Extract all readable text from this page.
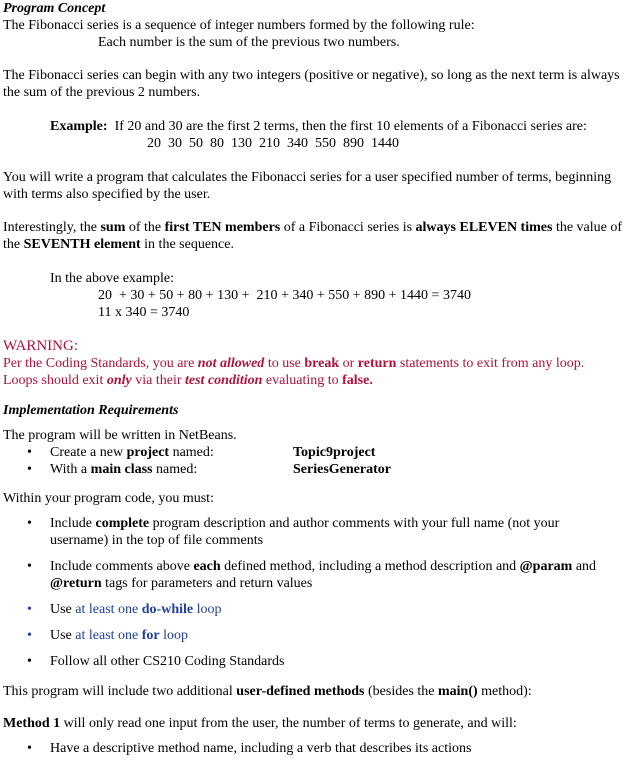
Program Concept
The Fibonacci series is a sequence of integer numbers formed by the following rule:
Each number is the sum of the previous two numbers.
The Fibonacci series can begin with any two integers (positive or negative), so long as the next term is always the sum of the previous 2 numbers.
Example: If 20 and 30 are the first 2 terms, then the first 10 elements of a Fibonacci series are:
20  30  50  80  130  210  340  550  890  1440
You will write a program that calculates the Fibonacci series for a user specified number of terms, beginning with terms also specified by the user.
Interestingly, the sum of the first TEN members of a Fibonacci series is always ELEVEN times the value of the SEVENTH element in the sequence.
In the above example:
20  + 30 + 50 + 80 + 130 +  210 + 340 + 550 + 890 + 1440 = 3740
11 x 340 = 3740
WARNING:
Per the Coding Standards, you are not allowed to use break or return statements to exit from any loop.
Loops should exit only via their test condition evaluating to false.
Implementation Requirements
The program will be written in NetBeans.
• Create a new project named:	Topic9project
• With a main class named:	SeriesGenerator
Within your program code, you must:
• Include complete program description and author comments with your full name (not your username) in the top of file comments
• Include comments above each defined method, including a method description and @param and @return tags for parameters and return values
• Use at least one do-while loop
• Use at least one for loop
• Follow all other CS210 Coding Standards
This program will include two additional user-defined methods (besides the main() method):
Method 1 will only read one input from the user, the number of terms to generate, and will:
• Have a descriptive method name, including a verb that describes its actions
